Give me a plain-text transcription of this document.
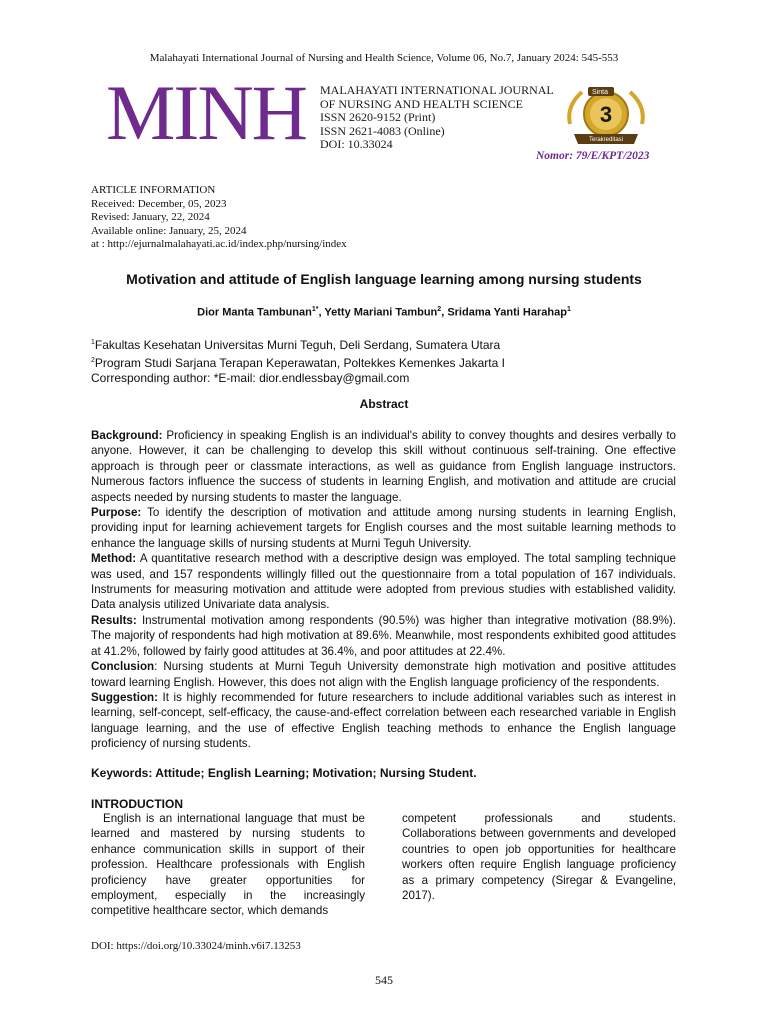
Malahayati International Journal of Nursing and Health Science, Volume 06, No.7, January 2024: 545-553
MINH MALAHAYATI INTERNATIONAL JOURNAL
OF NURSING AND HEALTH SCIENCE
ISSN 2620-9152 (Print)
ISSN 2621-4083 (Online)
DOI: 10.33024
Sinta
3
Terakreditasi
Nomor: 79/E/KPT/2023
ARTICLE INFORMATION
Received: December, 05, 2023
Revised: January, 22, 2024
Available online: January, 25, 2024
at : http://ejurnalmalahayati.ac.id/index.php/nursing/index
Motivation and attitude of English language learning among nursing students
Dior Manta Tambunan$^{1*}$, Yetty Mariani Tambun$^2$, Sridama Yanti Harahap$^1$
$^1$Fakultas Kesehatan Universitas Murni Teguh, Deli Serdang, Sumatera Utara
$^2$Program Studi Sarjana Terapan Keperawatan, Poltekkes Kemenkes Jakarta I
Corresponding author: *E-mail: dior.endlessbay@gmail.com
Abstract

Background: Proficiency in speaking English is an individual's ability to convey thoughts and desires verbally to anyone. However, it can be challenging to develop this skill without continuous self-training. One effective approach is through peer or classmate interactions, as well as guidance from English language instructors. Numerous factors influence the success of students in learning English, and motivation and attitude are crucial aspects needed by nursing students to master the language.

Purpose: To identify the description of motivation and attitude among nursing students in learning English, providing input for learning achievement targets for English courses and the most suitable learning methods to enhance the language skills of nursing students at Murni Teguh University.

Method: A quantitative research method with a descriptive design was employed. The total sampling technique was used, and 157 respondents willingly filled out the questionnaire from a total population of 167 individuals. Instruments for measuring motivation and attitude were adopted from previous studies with established validity. Data analysis utilized Univariate data analysis.

Results: Instrumental motivation among respondents (90.5%) was higher than integrative motivation (88.9%). The majority of respondents had high motivation at 89.6%. Meanwhile, most respondents exhibited good attitudes at 41.2%, followed by fairly good attitudes at 36.4%, and poor attitudes at 22.4%.

Conclusion: Nursing students at Murni Teguh University demonstrate high motivation and positive attitudes toward learning English. However, this does not align with the English language proficiency of the respondents.

Suggestion: It is highly recommended for future researchers to include additional variables such as interest in learning, self-concept, self-efficacy, the cause-and-effect correlation between each researched variable in English language learning, and the use of effective English teaching methods to enhance the English language proficiency of nursing students.

Keywords: Attitude; English Learning; Motivation; Nursing Student.
INTRODUCTION
English is an international language that must be learned and mastered by nursing students to enhance communication skills in support of their profession. Healthcare professionals with English proficiency have greater opportunities for employment, especially in the increasingly competitive healthcare sector, which demands
competent professionals and students. Collaborations between governments and developed countries to open job opportunities for healthcare workers often require English language proficiency as a primary competency (Siregar & Evangeline, 2017).
DOI: https://doi.org/10.33024/minh.v6i7.13253
545
